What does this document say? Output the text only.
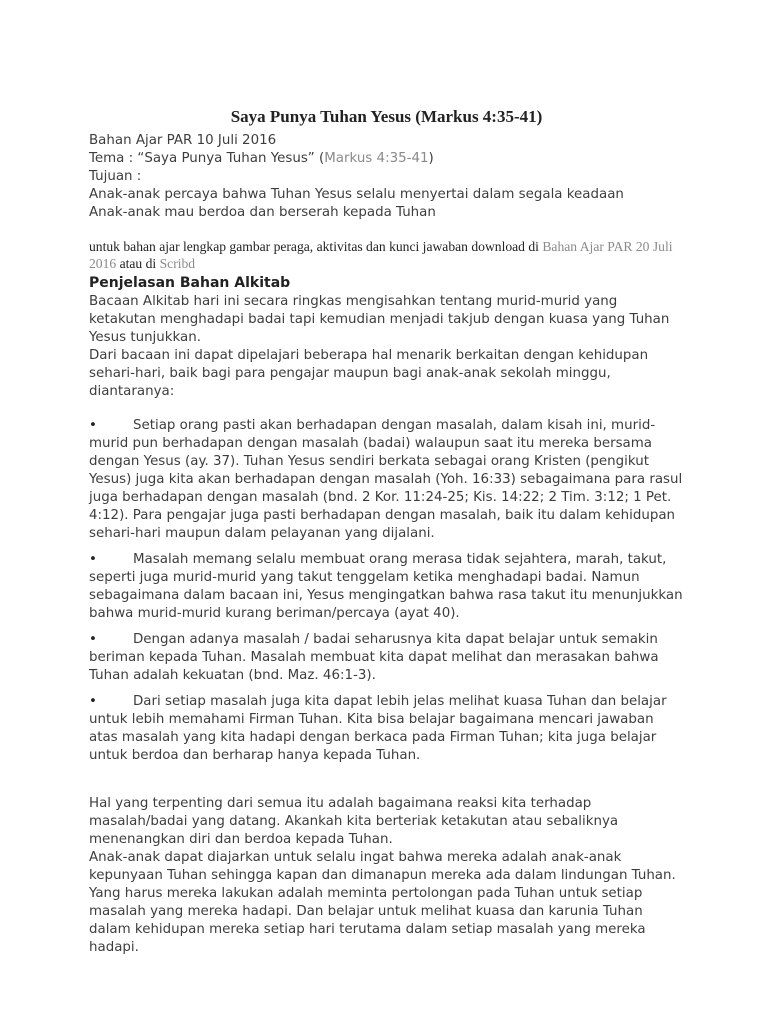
Saya Punya Tuhan Yesus (Markus 4:35-41)
Bahan Ajar PAR 10 Juli 2016
Tema : “Saya Punya Tuhan Yesus” (Markus 4:35-41)
Tujuan :
Anak-anak percaya bahwa Tuhan Yesus selalu menyertai dalam segala keadaan
Anak-anak mau berdoa dan berserah kepada Tuhan
untuk bahan ajar lengkap gambar peraga, aktivitas dan kunci jawaban download di Bahan Ajar PAR 20 Juli 2016 atau di Scribd
Penjelasan Bahan Alkitab

Bacaan Alkitab hari ini secara ringkas mengisahkan tentang murid-murid yang ketakutan menghadapi badai tapi kemudian menjadi takjub dengan kuasa yang Tuhan Yesus tunjukkan.

Dari bacaan ini dapat dipelajari beberapa hal menarik berkaitan dengan kehidupan sehari-hari, baik bagi para pengajar maupun bagi anak-anak sekolah minggu, diantaranya:

•	Setiap orang pasti akan berhadapan dengan masalah, dalam kisah ini, murid-murid pun berhadapan dengan masalah (badai) walaupun saat itu mereka bersama dengan Yesus (ay. 37). Tuhan Yesus sendiri berkata sebagai orang Kristen (pengikut Yesus) juga kita akan berhadapan dengan masalah (Yoh. 16:33) sebagaimana para rasul juga berhadapan dengan masalah (bnd. 2 Kor. 11:24-25; Kis. 14:22; 2 Tim. 3:12; 1 Pet. 4:12). Para pengajar juga pasti berhadapan dengan masalah, baik itu dalam kehidupan sehari-hari maupun dalam pelayanan yang dijalani.
•	Masalah memang selalu membuat orang merasa tidak sejahtera, marah, takut, seperti juga murid-murid yang takut tenggelam ketika menghadapi badai. Namun sebagaimana dalam bacaan ini, Yesus mengingatkan bahwa rasa takut itu menunjukkan bahwa murid-murid kurang beriman/percaya (ayat 40).
•	Dengan adanya masalah / badai seharusnya kita dapat belajar untuk semakin beriman kepada Tuhan. Masalah membuat kita dapat melihat dan merasakan bahwa Tuhan adalah kekuatan (bnd. Maz. 46:1-3).
•	Dari setiap masalah juga kita dapat lebih jelas melihat kuasa Tuhan dan belajar untuk lebih memahami Firman Tuhan. Kita bisa belajar bagaimana mencari jawaban atas masalah yang kita hadapi dengan berkaca pada Firman Tuhan; kita juga belajar untuk berdoa dan berharap hanya kepada Tuhan.

Hal yang terpenting dari semua itu adalah bagaimana reaksi kita terhadap masalah/badai yang datang. Akankah kita berteriak ketakutan atau sebaliknya menenangkan diri dan berdoa kepada Tuhan.

Anak-anak dapat diajarkan untuk selalu ingat bahwa mereka adalah anak-anak kepunyaan Tuhan sehingga kapan dan dimanapun mereka ada dalam lindungan Tuhan. Yang harus mereka lakukan adalah meminta pertolongan pada Tuhan untuk setiap masalah yang mereka hadapi. Dan belajar untuk melihat kuasa dan karunia Tuhan dalam kehidupan mereka setiap hari terutama dalam setiap masalah yang mereka hadapi.
